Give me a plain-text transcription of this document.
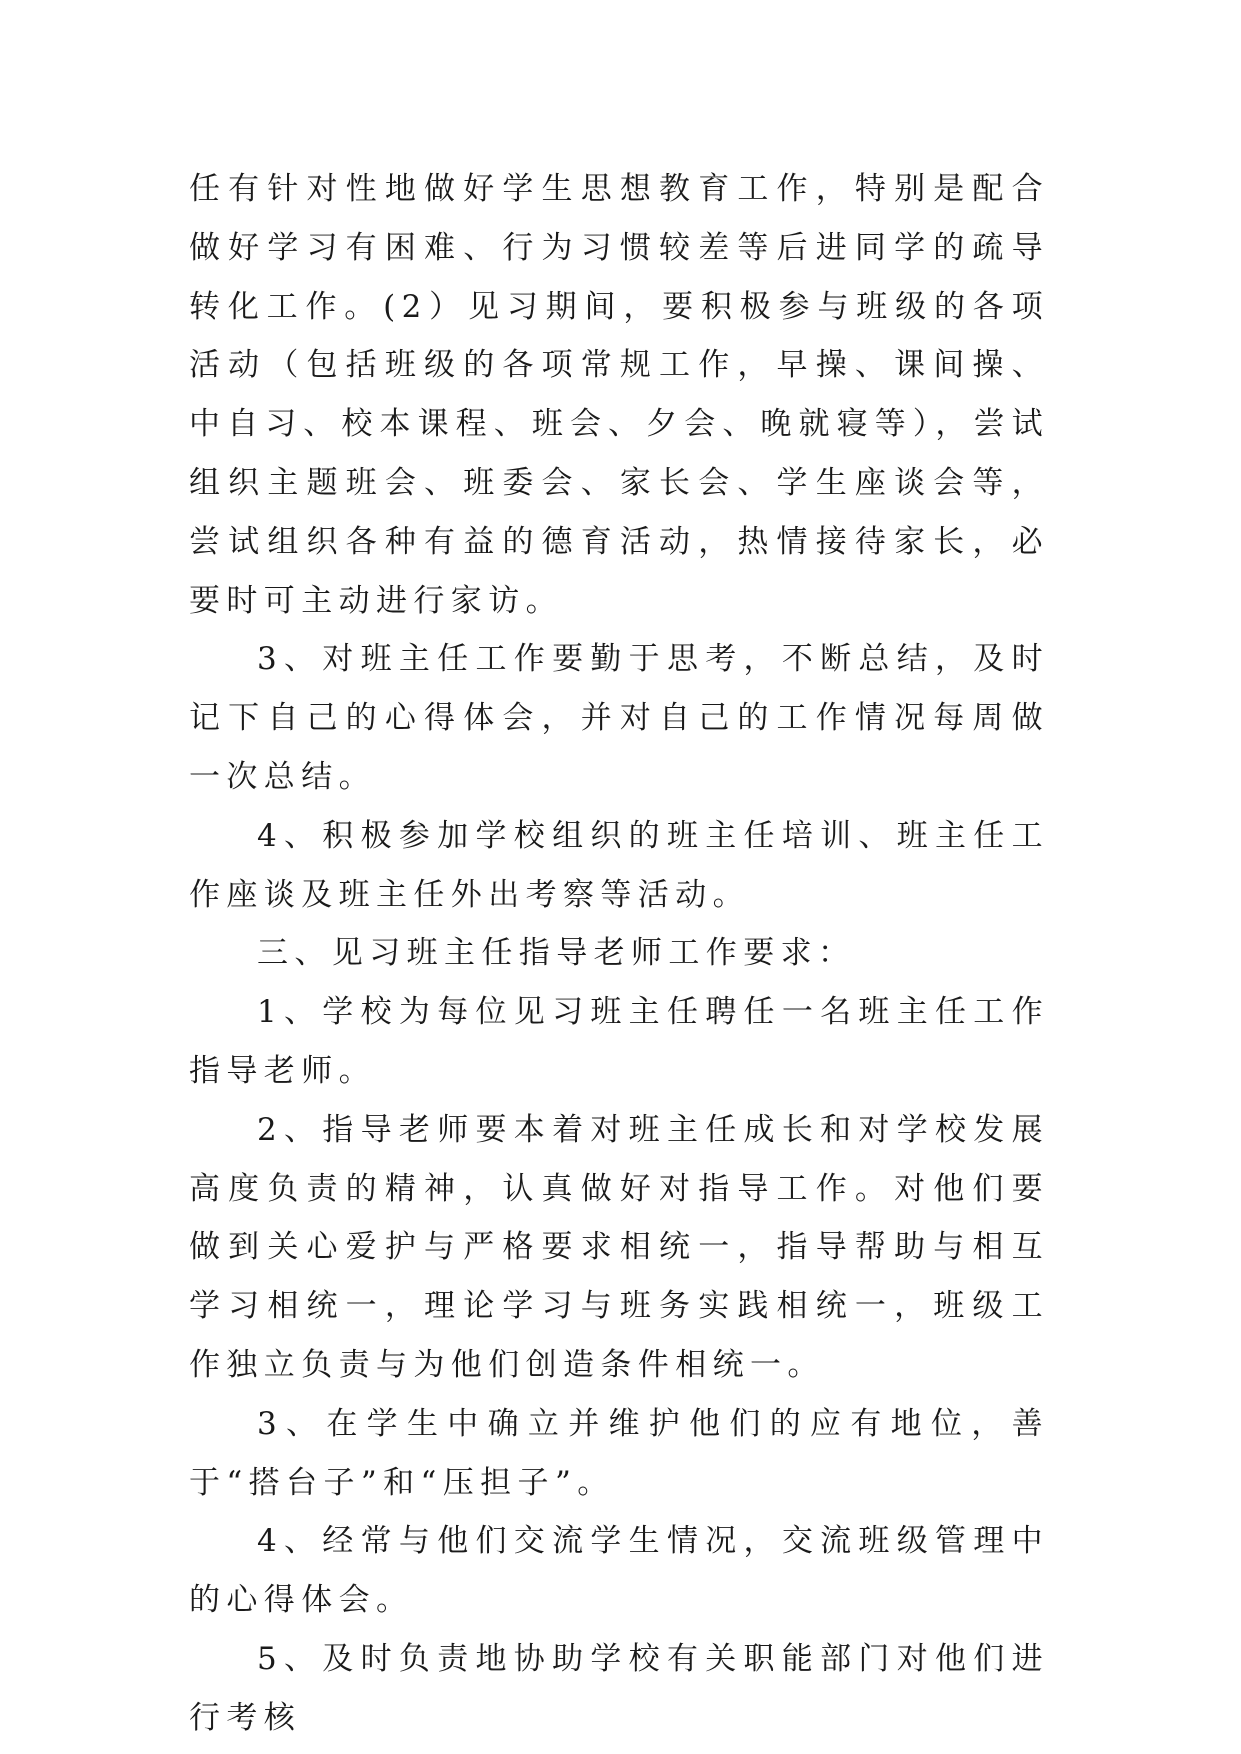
任有针对性地做好学生思想教育工作，特别是配合做好学习有困难、行为习惯较差等后进同学的疏导转化工作。(2）见习期间，要积极参与班级的各项活动（包括班级的各项常规工作，早操、课间操、中自习、校本课程、班会、夕会、晚就寝等），尝试组织主题班会、班委会、家长会、学生座谈会等，尝试组织各种有益的德育活动，热情接待家长，必要时可主动进行家访。

3、对班主任工作要勤于思考，不断总结，及时记下自己的心得体会，并对自己的工作情况每周做一次总结。

4、积极参加学校组织的班主任培训、班主任工作座谈及班主任外出考察等活动。

三、见习班主任指导老师工作要求：

1、学校为每位见习班主任聘任一名班主任工作指导老师。

2、指导老师要本着对班主任成长和对学校发展高度负责的精神，认真做好对指导工作。对他们要做到关心爱护与严格要求相统一，指导帮助与相互学习相统一，理论学习与班务实践相统一，班级工作独立负责与为他们创造条件相统一。

3、在学生中确立并维护他们的应有地位，善于“搭台子”和“压担子”。

4、经常与他们交流学生情况，交流班级管理中的心得体会。

5、及时负责地协助学校有关职能部门对他们进行考核
